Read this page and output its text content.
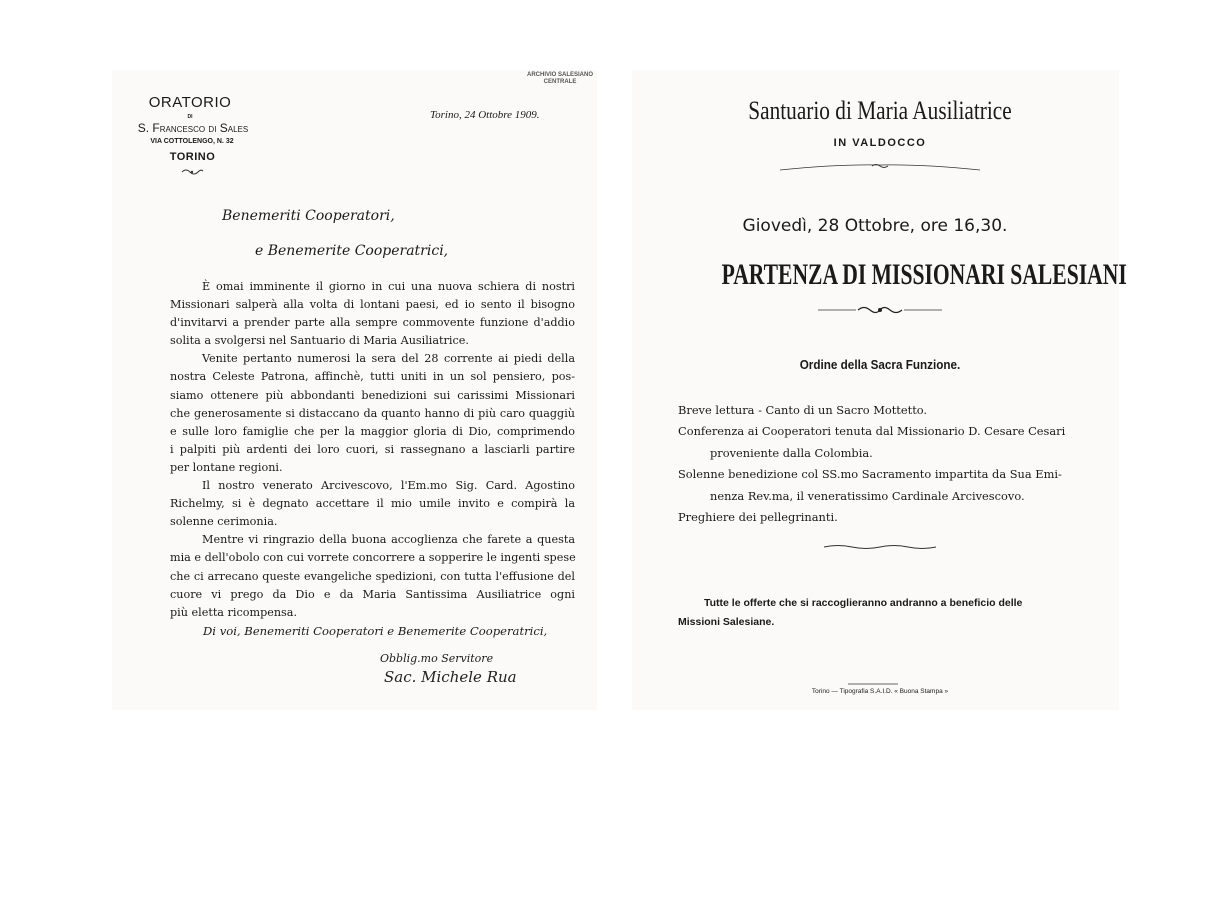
ORATORIO
DI
S. Francesco di Sales
VIA COTTOLENGO, N. 32
TORINO
ARCHIVIO SALESIANO
CENTRALE
Torino, 24 Ottobre 1909.
Benemeriti Cooperatori,
e Benemerite Cooperatrici,
È omai imminente il giorno in cui una nuova schiera di nostri
Missionari salperà alla volta di lontani paesi, ed io sento il bisogno
d'invitarvi a prender parte alla sempre commovente funzione d'addio
solita a svolgersi nel Santuario di Maria Ausiliatrice.
Venite pertanto numerosi la sera del 28 corrente ai piedi della
nostra Celeste Patrona, affinchè, tutti uniti in un sol pensiero, pos-
siamo ottenere più abbondanti benedizioni sui carissimi Missionari
che generosamente si distaccano da quanto hanno di più caro quaggiù
e sulle loro famiglie che per la maggior gloria di Dio, comprimendo
i palpiti più ardenti dei loro cuori, si rassegnano a lasciarli partire
per lontane regioni.
Il nostro venerato Arcivescovo, l'Em.mo Sig. Card. Agostino
Richelmy, si è degnato accettare il mio umile invito e compirà la
solenne cerimonia.
Mentre vi ringrazio della buona accoglienza che farete a questa
mia e dell'obolo con cui vorrete concorrere a sopperire le ingenti spese
che ci arrecano queste evangeliche spedizioni, con tutta l'effusione del
cuore vi prego da Dio e da Maria Santissima Ausiliatrice ogni
più eletta ricompensa.
Di voi, Benemeriti Cooperatori e Benemerite Cooperatrici,
Obblig.mo Servitore
Sac. Michele Rua
Santuario di Maria Ausiliatrice
IN VALDOCCO
Giovedì, 28 Ottobre, ore 16,30.
PARTENZA DI MISSIONARI SALESIANI
Ordine della Sacra Funzione.
Breve lettura - Canto di un Sacro Mottetto.
Conferenza ai Cooperatori tenuta dal Missionario D. Cesare Cesari
proveniente dalla Colombia.
Solenne benedizione col SS.mo Sacramento impartita da Sua Emi-
nenza Rev.ma, il veneratissimo Cardinale Arcivescovo.
Preghiere dei pellegrinanti.
Tutte le offerte che si raccoglieranno andranno a beneficio delle
Missioni Salesiane.
Torino — Tipografia S.A.I.D. « Buona Stampa »
